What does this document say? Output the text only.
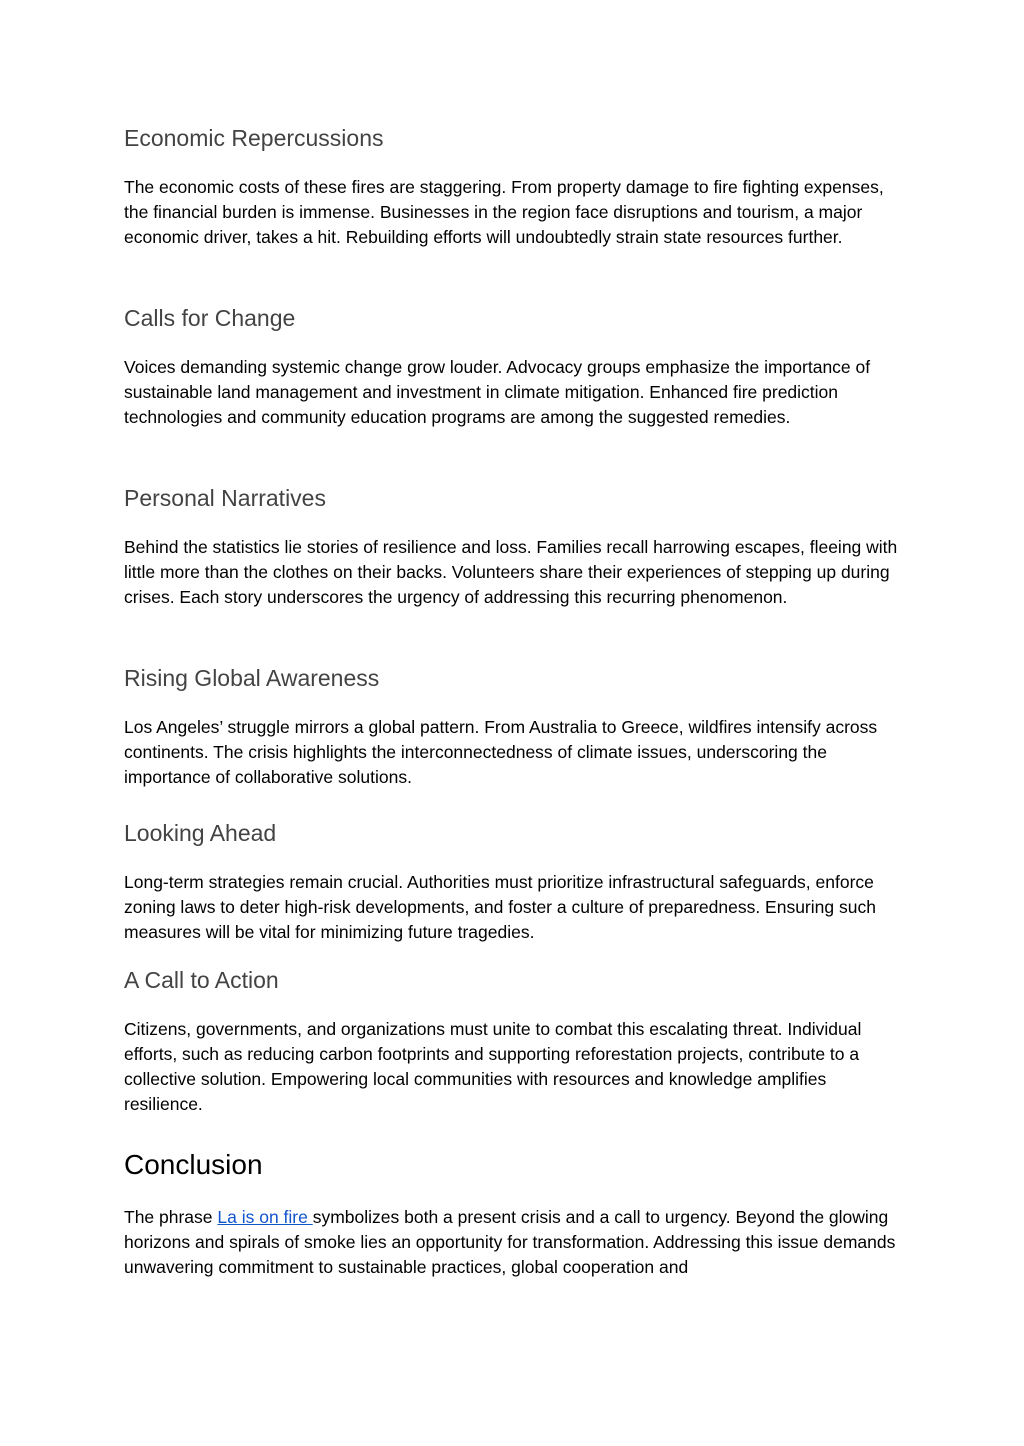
Economic Repercussions

The economic costs of these fires are staggering. From property damage to fire fighting expenses, the financial burden is immense. Businesses in the region face disruptions and tourism, a major economic driver, takes a hit. Rebuilding efforts will undoubtedly strain state resources further.

Calls for Change

Voices demanding systemic change grow louder. Advocacy groups emphasize the importance of sustainable land management and investment in climate mitigation. Enhanced fire prediction technologies and community education programs are among the suggested remedies.

Personal Narratives

Behind the statistics lie stories of resilience and loss. Families recall harrowing escapes, fleeing with little more than the clothes on their backs. Volunteers share their experiences of stepping up during crises. Each story underscores the urgency of addressing this recurring phenomenon.

Rising Global Awareness

Los Angeles’ struggle mirrors a global pattern. From Australia to Greece, wildfires intensify across continents. The crisis highlights the interconnectedness of climate issues, underscoring the importance of collaborative solutions.

Looking Ahead

Long-term strategies remain crucial. Authorities must prioritize infrastructural safeguards, enforce zoning laws to deter high-risk developments, and foster a culture of preparedness. Ensuring such measures will be vital for minimizing future tragedies.

A Call to Action

Citizens, governments, and organizations must unite to combat this escalating threat. Individual efforts, such as reducing carbon footprints and supporting reforestation projects, contribute to a collective solution. Empowering local communities with resources and knowledge amplifies resilience.

Conclusion

The phrase La is on fire symbolizes both a present crisis and a call to urgency. Beyond the glowing horizons and spirals of smoke lies an opportunity for transformation. Addressing this issue demands unwavering commitment to sustainable practices, global cooperation and
